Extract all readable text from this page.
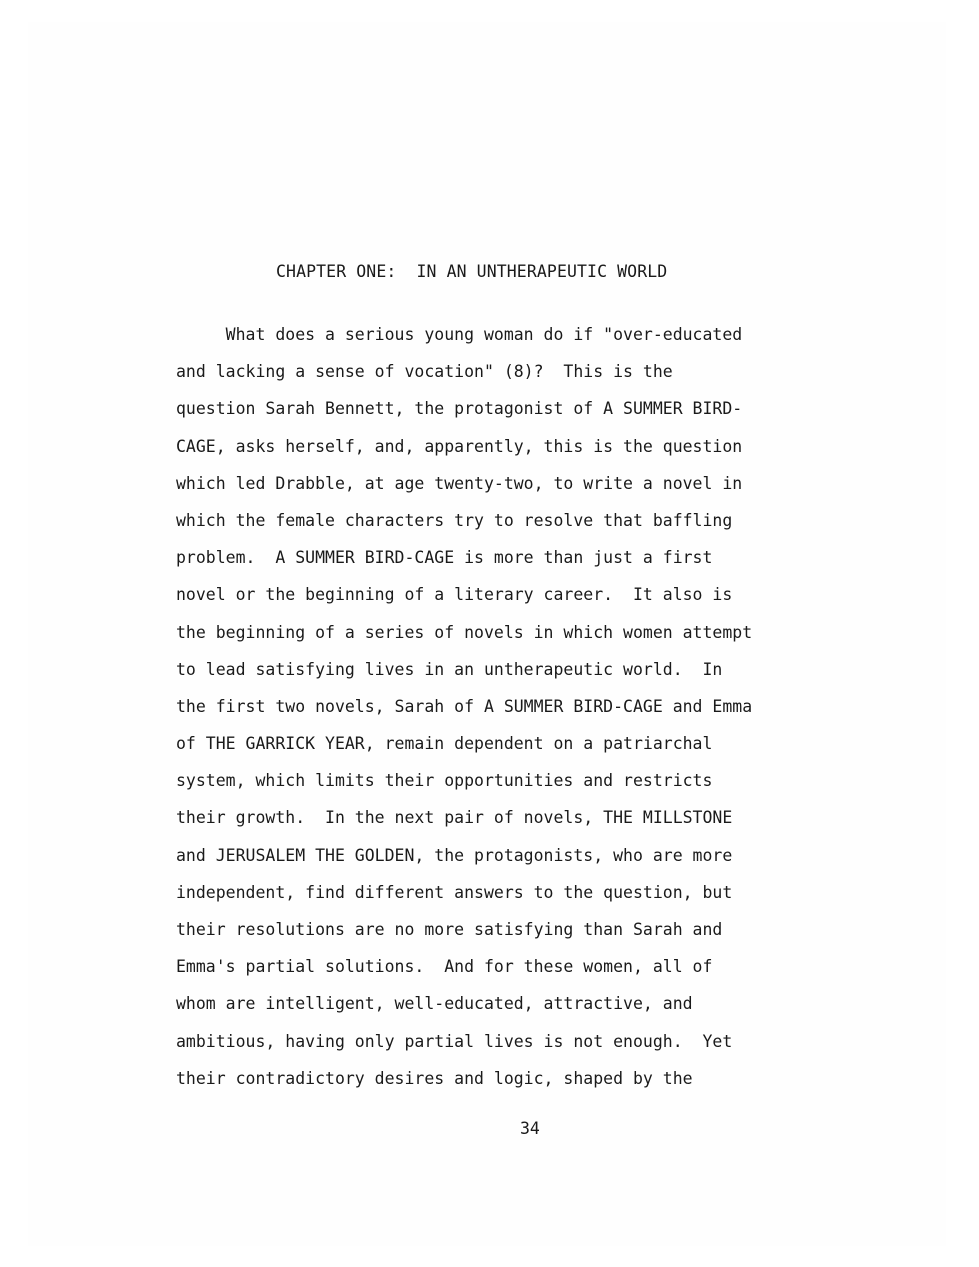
CHAPTER ONE:  IN AN UNTHERAPEUTIC WORLD
What does a serious young woman do if "over-educated
and lacking a sense of vocation" (8)?  This is the
question Sarah Bennett, the protagonist of A SUMMER BIRD-
CAGE, asks herself, and, apparently, this is the question
which led Drabble, at age twenty-two, to write a novel in
which the female characters try to resolve that baffling
problem.  A SUMMER BIRD-CAGE is more than just a first
novel or the beginning of a literary career.  It also is
the beginning of a series of novels in which women attempt
to lead satisfying lives in an untherapeutic world.  In
the first two novels, Sarah of A SUMMER BIRD-CAGE and Emma
of THE GARRICK YEAR, remain dependent on a patriarchal
system, which limits their opportunities and restricts
their growth.  In the next pair of novels, THE MILLSTONE
and JERUSALEM THE GOLDEN, the protagonists, who are more
independent, find different answers to the question, but
their resolutions are no more satisfying than Sarah and
Emma's partial solutions.  And for these women, all of
whom are intelligent, well-educated, attractive, and
ambitious, having only partial lives is not enough.  Yet
their contradictory desires and logic, shaped by the
34
